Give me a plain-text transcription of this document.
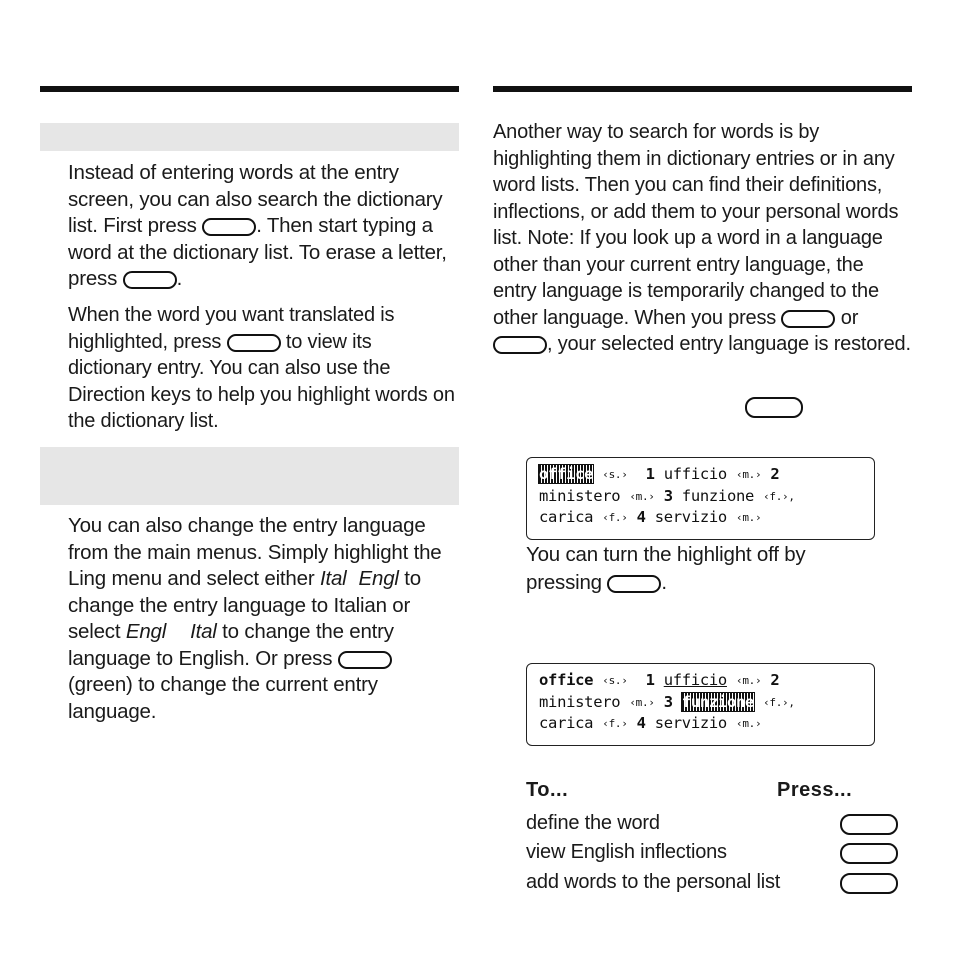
Instead of entering words at the entry screen, you can also search the dictionary list. First press	. Then start typing a word at the dictionary list. To erase a letter, press	.

When the word you want translated is highlighted, press	to view its dictionary entry. You can also use the Direction keys to help you highlight words on the dictionary list.

You can also change the entry language from the main menus. Simply highlight the Ling menu and select either Ital Engl to change the entry language to Italian or select Engl Ital to change the entry language to English. Or press  (green) to change the current entry language.

Another way to search for words is by highlighting them in dictionary entries or in any word lists. Then you can find their definitions, inflections, or add them to your personal words list. Note: If you look up a word in a language other than your current entry language, the entry language is temporarily changed to the other language. When you press	or , your selected entry language is restored.

office ‹s.› 1 ufficio ‹m.› 2
ministero ‹m.› 3 funzione ‹f.›,
carica ‹f.› 4 servizio ‹m.›

You can turn the highlight off by pressing	.

office ‹s.› 1 ufficio ‹m.› 2
ministero ‹m.› 3 funzione ‹f.›,
carica ‹f.› 4 servizio ‹m.›
To...	Press...
define the word
view English inflections
add words to the personal list
